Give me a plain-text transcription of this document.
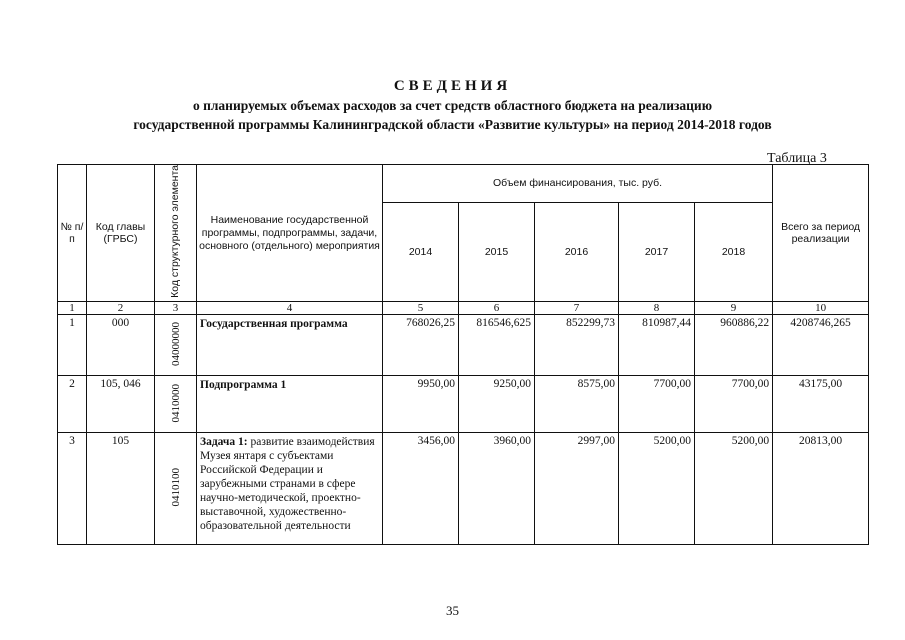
СВЕДЕНИЯ
о планируемых объемах расходов за счет средств областного бюджета на реализацию
государственной программы Калининградской области «Развитие культуры» на период 2014-2018 годов
Таблица 3
№ п/п	Код главы (ГРБС)	Код структурного элемента	Наименование государственной программы, подпрограммы, задачи, основного (отдельного) мероприятия	Объем финансирования, тыс. руб.					Всего за период реализации
				2014	2015	2016	2017	2018	
1	2	3	4	5	6	7	8	9	10
1	000	04000000	Государственная программа	768026,25	816546,625	852299,73	810987,44	960886,22	4208746,265
2	105, 046	0410000	Подпрограмма 1	9950,00	9250,00	8575,00	7700,00	7700,00	43175,00
3	105	0410100	Задача 1: развитие взаимодействия Музея янтаря с субъектами Российской Федерации и зарубежными странами в сфере научно-методической, проектно-выставочной, художественно-образовательной деятельности	3456,00	3960,00	2997,00	5200,00	5200,00	20813,00
35
